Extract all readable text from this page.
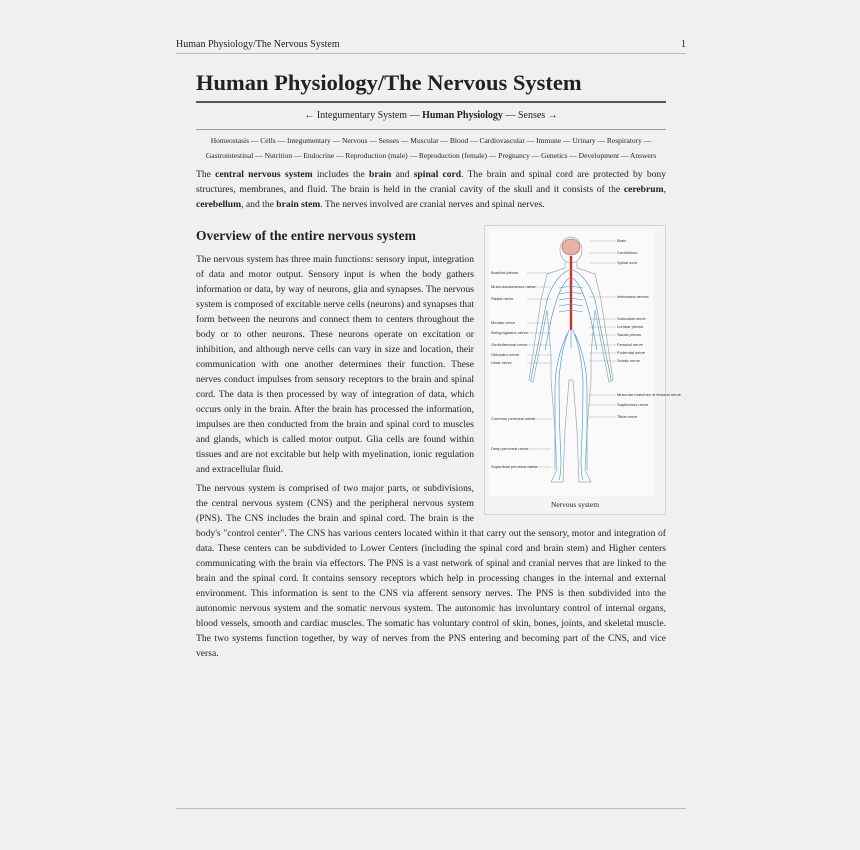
Human Physiology/The Nervous System	1
Human Physiology/The Nervous System
← Integumentary System — Human Physiology — Senses →
Homeostasis — Cells — Integumentary — Nervous — Senses — Muscular — Blood — Cardiovascular — Immune — Urinary — Respiratory — Gastrointestinal — Nutrition — Endocrine — Reproduction (male) — Reproduction (female) — Pregnancy — Genetics — Development — Answers

The central nervous system includes the brain and spinal cord. The brain and spinal cord are protected by bony structures, membranes, and fluid. The brain is held in the cranial cavity of the skull and it consists of the cerebrum, cerebellum, and the brain stem. The nerves involved are cranial nerves and spinal nerves.

Brain
Cerebellum
Spinal cord
Intercostal nerves
Subcostal nerve
Lumbar plexus
Sacral plexus
Femoral nerve
Pudendal nerve
Sciatic nerve
Muscular branches of femoral nerve
Saphenous nerve
Tibial nerve
Brachial plexus
Musculocutaneous nerve
Radial nerve
Median nerve
Iliohypogastric nerve
Genitofemoral nerve
Obturator nerve
Ulnar nerve
Common peroneal nerve
Deep peroneal nerve
Superficial peroneal nerve
Nervous system
Overview of the entire nervous system

The nervous system has three main functions: sensory input, integration of data and motor output. Sensory input is when the body gathers information or data, by way of neurons, glia and synapses. The nervous system is composed of excitable nerve cells (neurons) and synapses that form between the neurons and connect them to centers throughout the body or to other neurons. These neurons operate on excitation or inhibition, and although nerve cells can vary in size and location, their communication with one another determines their function. These nerves conduct impulses from sensory receptors to the brain and spinal cord. The data is then processed by way of integration of data, which occurs only in the brain. After the brain has processed the information, impulses are then conducted from the brain and spinal cord to muscles and glands, which is called motor output. Glia cells are found within tissues and are not excitable but help with myelination, ionic regulation and extracellular fluid.

The nervous system is comprised of two major parts, or subdivisions, the central nervous system (CNS) and the peripheral nervous system (PNS). The CNS includes the brain and spinal cord. The brain is the body's "control center". The CNS has various centers located within it that carry out the sensory, motor and integration of data. These centers can be subdivided to Lower Centers (including the spinal cord and brain stem) and Higher centers communicating with the brain via effectors. The PNS is a vast network of spinal and cranial nerves that are linked to the brain and the spinal cord. It contains sensory receptors which help in processing changes in the internal and external environment. This information is sent to the CNS via afferent sensory nerves. The PNS is then subdivided into the autonomic nervous system and the somatic nervous system. The autonomic has involuntary control of internal organs, blood vessels, smooth and cardiac muscles. The somatic has voluntary control of skin, bones, joints, and skeletal muscle. The two systems function together, by way of nerves from the PNS entering and becoming part of the CNS, and vice versa.
